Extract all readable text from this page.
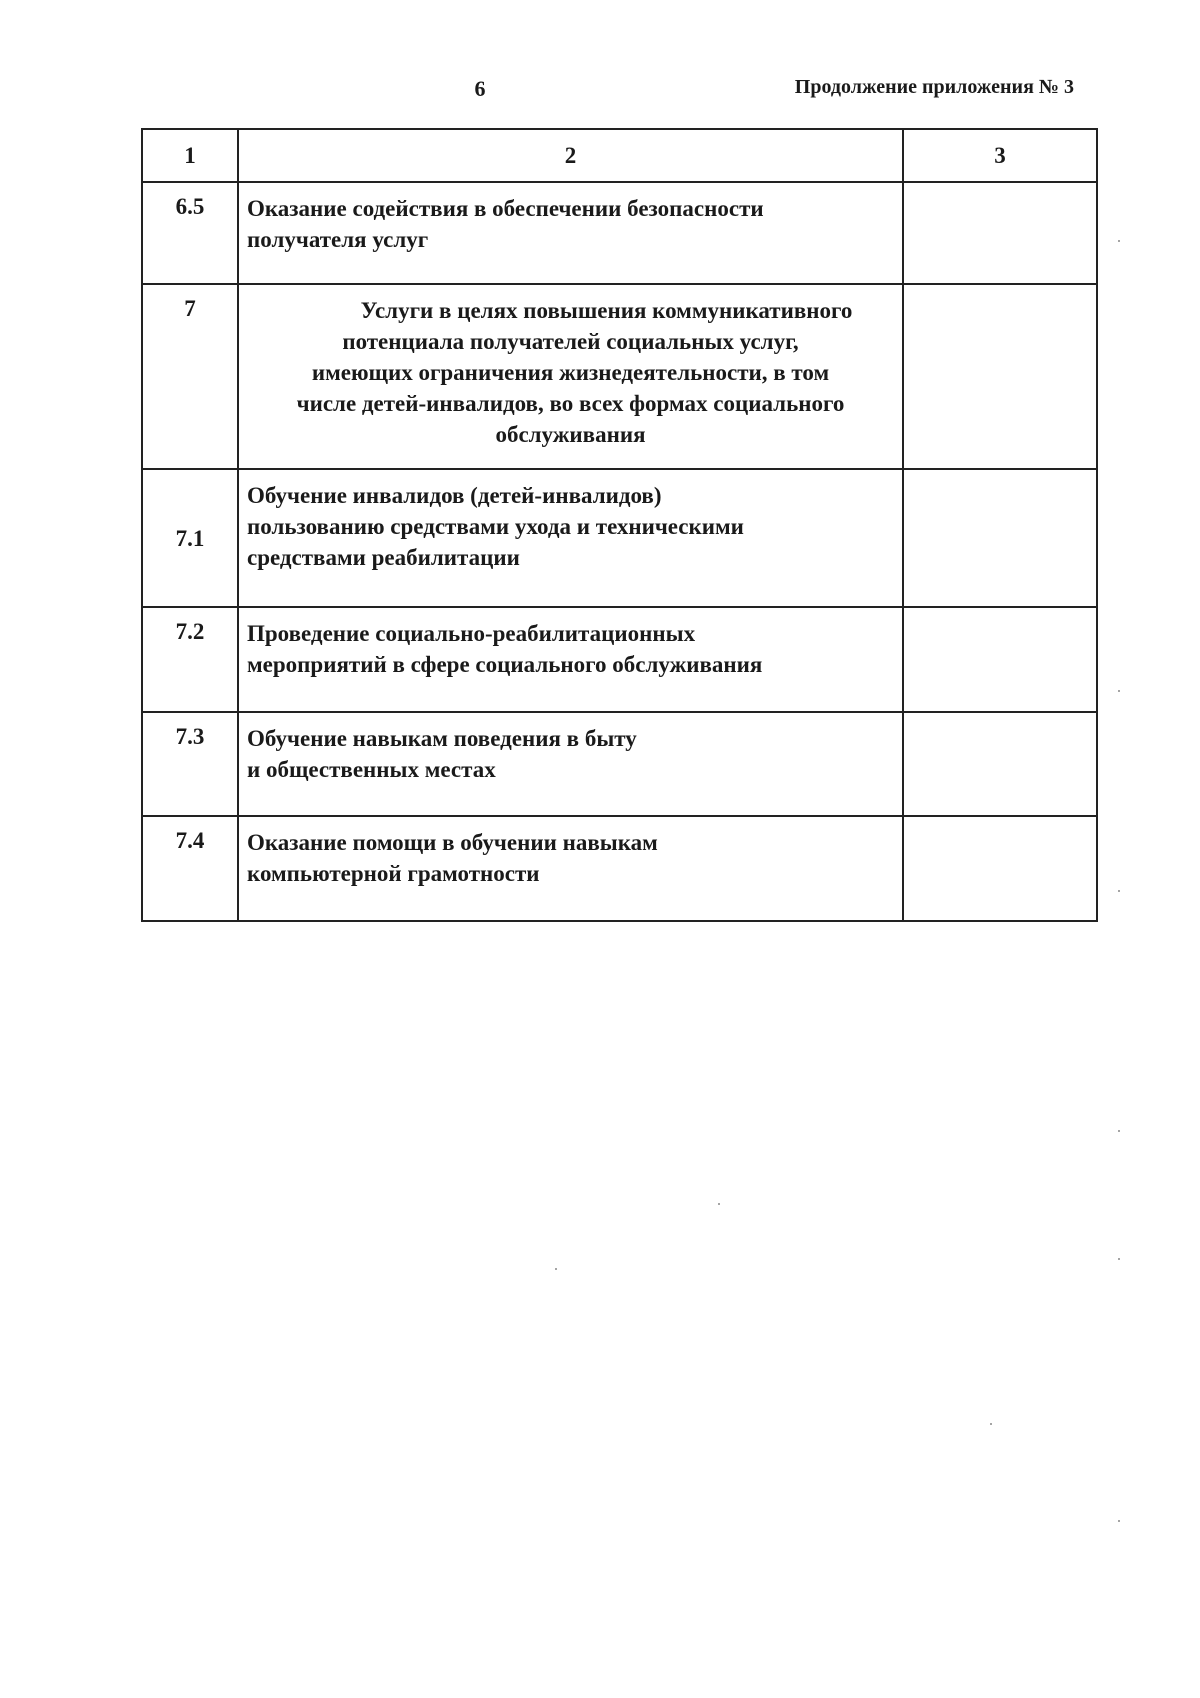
6	Продолжение приложения № 3
1	2	3
6.5	Оказание содействия в обеспечении безопасности
получателя услуг	

7	Услуги в целях повышения коммуникативного
потенциала получателей социальных услуг,
имеющих ограничения жизнедеятельности, в том
числе детей-инвалидов, во всех формах социального
обслуживания	

7.1	Обучение инвалидов (детей-инвалидов)
пользованию средствами ухода и техническими
средствами реабилитации	

7.2	Проведение социально-реабилитационных
мероприятий в сфере социального обслуживания	

7.3	Обучение навыкам поведения в быту
и общественных местах	

7.4	Оказание помощи в обучении навыкам
компьютерной грамотности	
